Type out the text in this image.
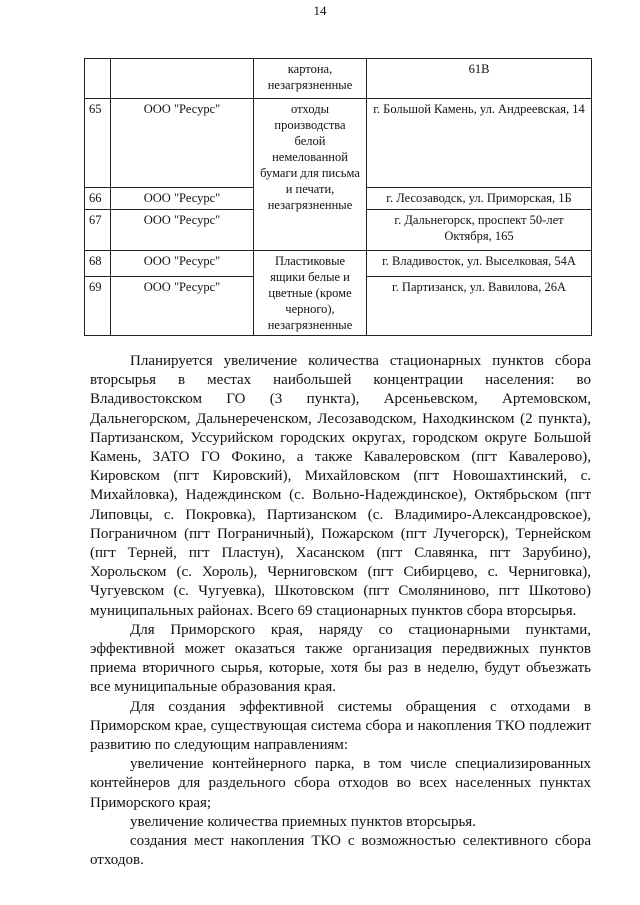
14
		картона, незагрязненные	61В
65	ООО "Ресурс"	отходы производства белой немелованной бумаги для письма и печати, незагрязненные	г. Большой Камень, ул. Андреевская, 14
66	ООО "Ресурс"		г. Лесозаводск, ул. Приморская, 1Б
67	ООО "Ресурс"		г. Дальнегорск, проспект 50-лет Октября, 165
68	ООО "Ресурс"	Пластиковые ящики белые и цветные (кроме черного), незагрязненные	г. Владивосток, ул. Выселковая, 54А
69	ООО "Ресурс"		г. Партизанск, ул. Вавилова, 26А

Планируется увеличение количества стационарных пунктов сбора вторсырья в местах наибольшей концентрации населения: во Владивостокском ГО (3 пункта), Арсеньевском, Артемовском, Дальнегорском, Дальнереченском, Лесозаводском, Находкинском (2 пункта), Партизанском, Уссурийском городских округах, городском округе Большой Камень, ЗАТО ГО Фокино, а также Кавалеровском (пгт Кавалерово), Кировском (пгт Кировский), Михайловском (пгт Новошахтинский, с. Михайловка), Надеждинском (с. Вольно-Надеждинское), Октябрьском (пгт Липовцы, с. Покровка), Партизанском (с. Владимиро-Александровское), Пограничном (пгт Пограничный), Пожарском (пгт Лучегорск), Тернейском (пгт Терней, пгт Пластун), Хасанском (пгт Славянка, пгт Зарубино), Хорольском (с. Хороль), Черниговском (пгт Сибирцево, с. Черниговка), Чугуевском (с. Чугуевка), Шкотовском (пгт Смоляниново, пгт Шкотово) муниципальных районах. Всего 69 стационарных пунктов сбора вторсырья.

Для Приморского края, наряду со стационарными пунктами, эффективной может оказаться также организация передвижных пунктов приема вторичного сырья, которые, хотя бы раз в неделю, будут объезжать все муниципальные образования края.

Для создания эффективной системы обращения с отходами в Приморском крае, существующая система сбора и накопления ТКО подлежит развитию по следующим направлениям:

увеличение контейнерного парка, в том числе специализированных контейнеров для раздельного сбора отходов во всех населенных пунктах Приморского края;

увеличение количества приемных пунктов вторсырья.

создания мест накопления ТКО с возможностью селективного сбора отходов.
